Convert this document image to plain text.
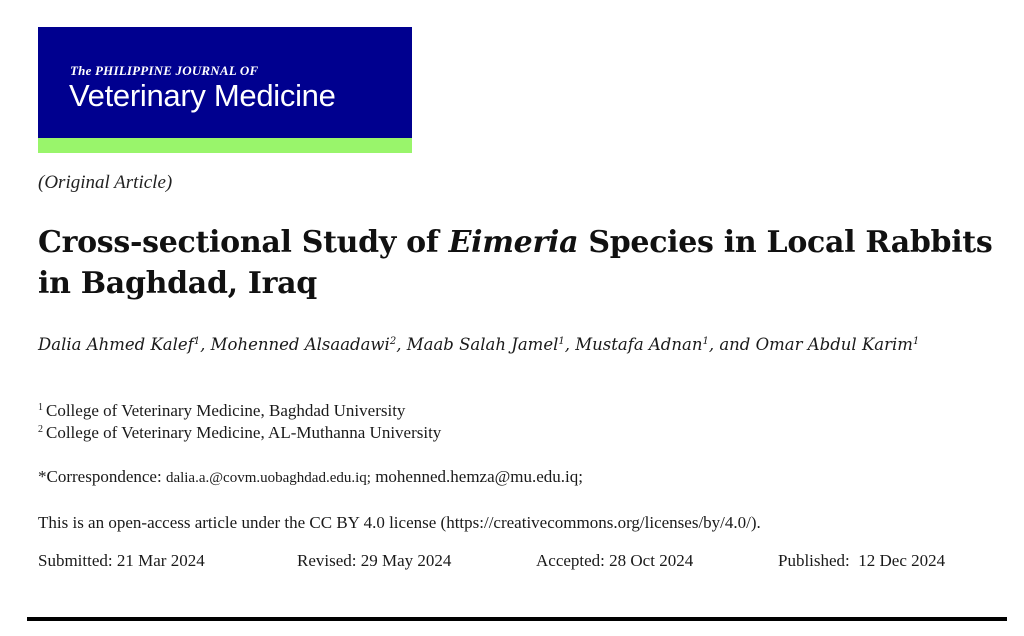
The PHILIPPINE JOURNAL OF
Veterinary Medicine
(Original Article)
Cross-sectional Study of Eimeria Species in Local Rabbits in Baghdad, Iraq
Dalia Ahmed Kalef$^1$, Mohenned Alsaadawi$^2$, Maab Salah Jamel$^1$, Mustafa Adnan$^1$, and Omar Abdul Karim$^1$
$^1$ College of Veterinary Medicine, Baghdad University
$^2$ College of Veterinary Medicine, AL-Muthanna University
*Correspondence: dalia.a.@covm.uobaghdad.edu.iq; mohenned.hemza@mu.edu.iq;
This is an open-access article under the CC BY 4.0 license (https://creativecommons.org/licenses/by/4.0/).
Submitted: 21 Mar 2024	Revised: 29 May 2024	Accepted: 28 Oct 2024	Published:  12 Dec 2024
